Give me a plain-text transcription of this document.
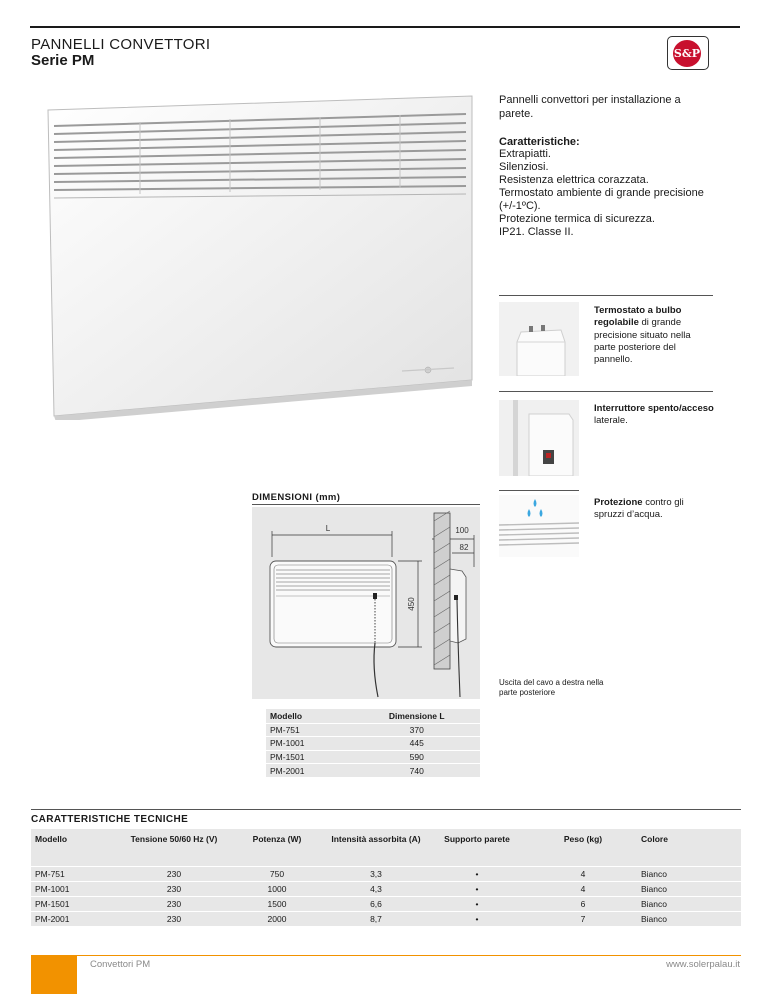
PANNELLI CONVETTORI
Serie PM	S&P
Pannelli convettori per installazione a parete.
Caratteristiche:
Extrapiatti.
Silenziosi.
Resistenza elettrica corazzata.
Termostato ambiente di grande precisione (+/-1ºC).
Protezione termica di sicurezza.
IP21. Classe II.
Termostato a bulbo regolabile di grande precisione situato nella parte posteriore del pannello.
Interruttore spento/acceso laterale.
Protezione contro gli spruzzi d’acqua.
DIMENSIONI (mm)
L
450
100
82
Uscita del cavo a destra nella parte posteriore
Modello	Dimensione L
PM-751	370
PM-1001	445
PM-1501	590
PM-2001	740
CARATTERISTICHE TECNICHE
Modello	Tensione 50/60 Hz (V)	Potenza (W)	Intensità assorbita (A)	Supporto parete	Peso (kg)	Colore
PM-751	230	750	3,3	•	4	Bianco
PM-1001	230	1000	4,3	•	4	Bianco
PM-1501	230	1500	6,6	•	6	Bianco
PM-2001	230	2000	8,7	•	7	Bianco
Convettori PM	www.solerpalau.it
